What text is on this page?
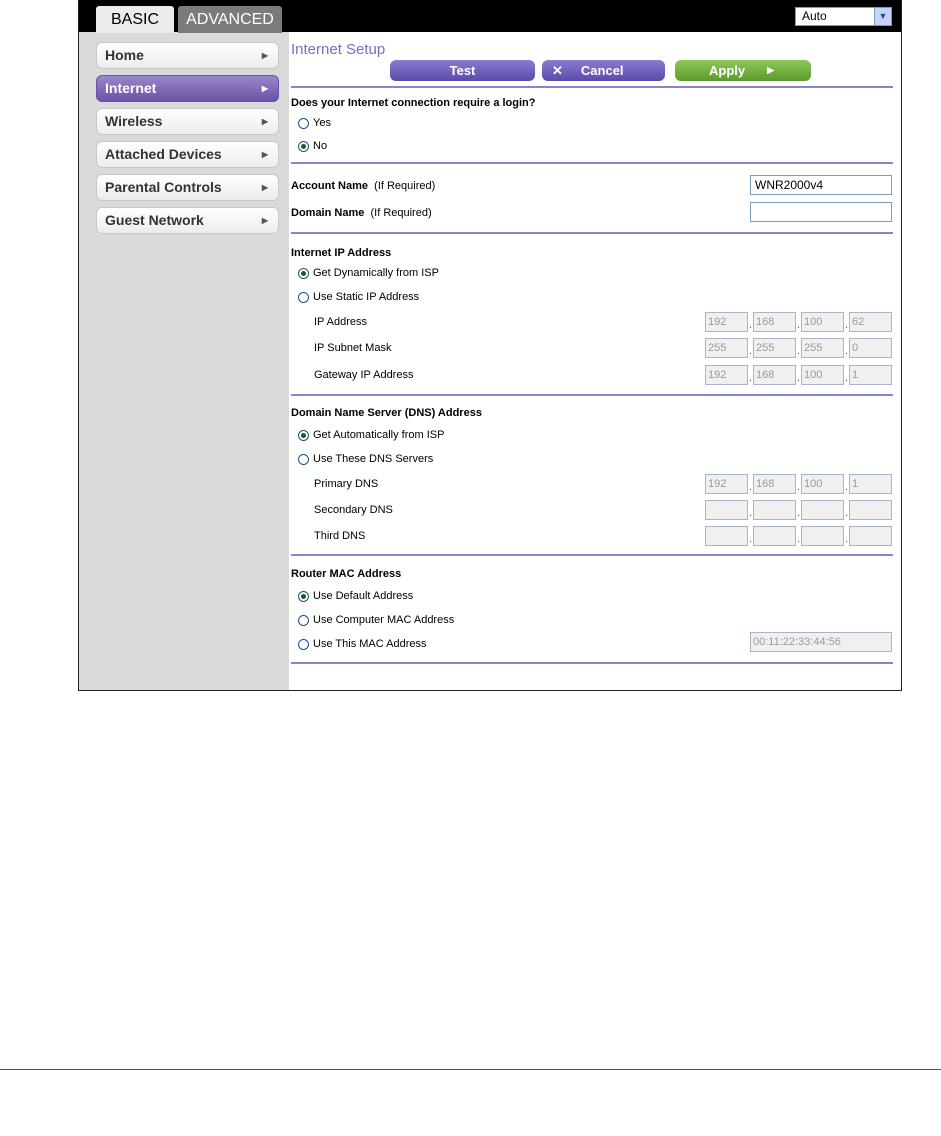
BASIC	ADVANCED	Auto	▼
Home	▶
Internet	▶
Wireless	▶
Attached Devices	▶
Parental Controls	▶
Guest Network	▶
Internet Setup
Test	✕ Cancel	Apply ▶
Does your Internet connection require a login?
Yes
No
Account Name (If Required)	WNR2000v4
Domain Name (If Required)
Internet IP Address
Get Dynamically from ISP
Use Static IP Address
IP Address	192	. 168	. 100	. 62
IP Subnet Mask	255	. 255	. 255	. 0
Gateway IP Address	192	. 168	. 100	. 1
Domain Name Server (DNS) Address
Get Automatically from ISP
Use These DNS Servers
Primary DNS	192	. 168	. 100	. 1
Secondary DNS	.	.	.
Third DNS	.	.	.
Router MAC Address
Use Default Address
Use Computer MAC Address
Use This MAC Address	00:11:22:33:44:56
